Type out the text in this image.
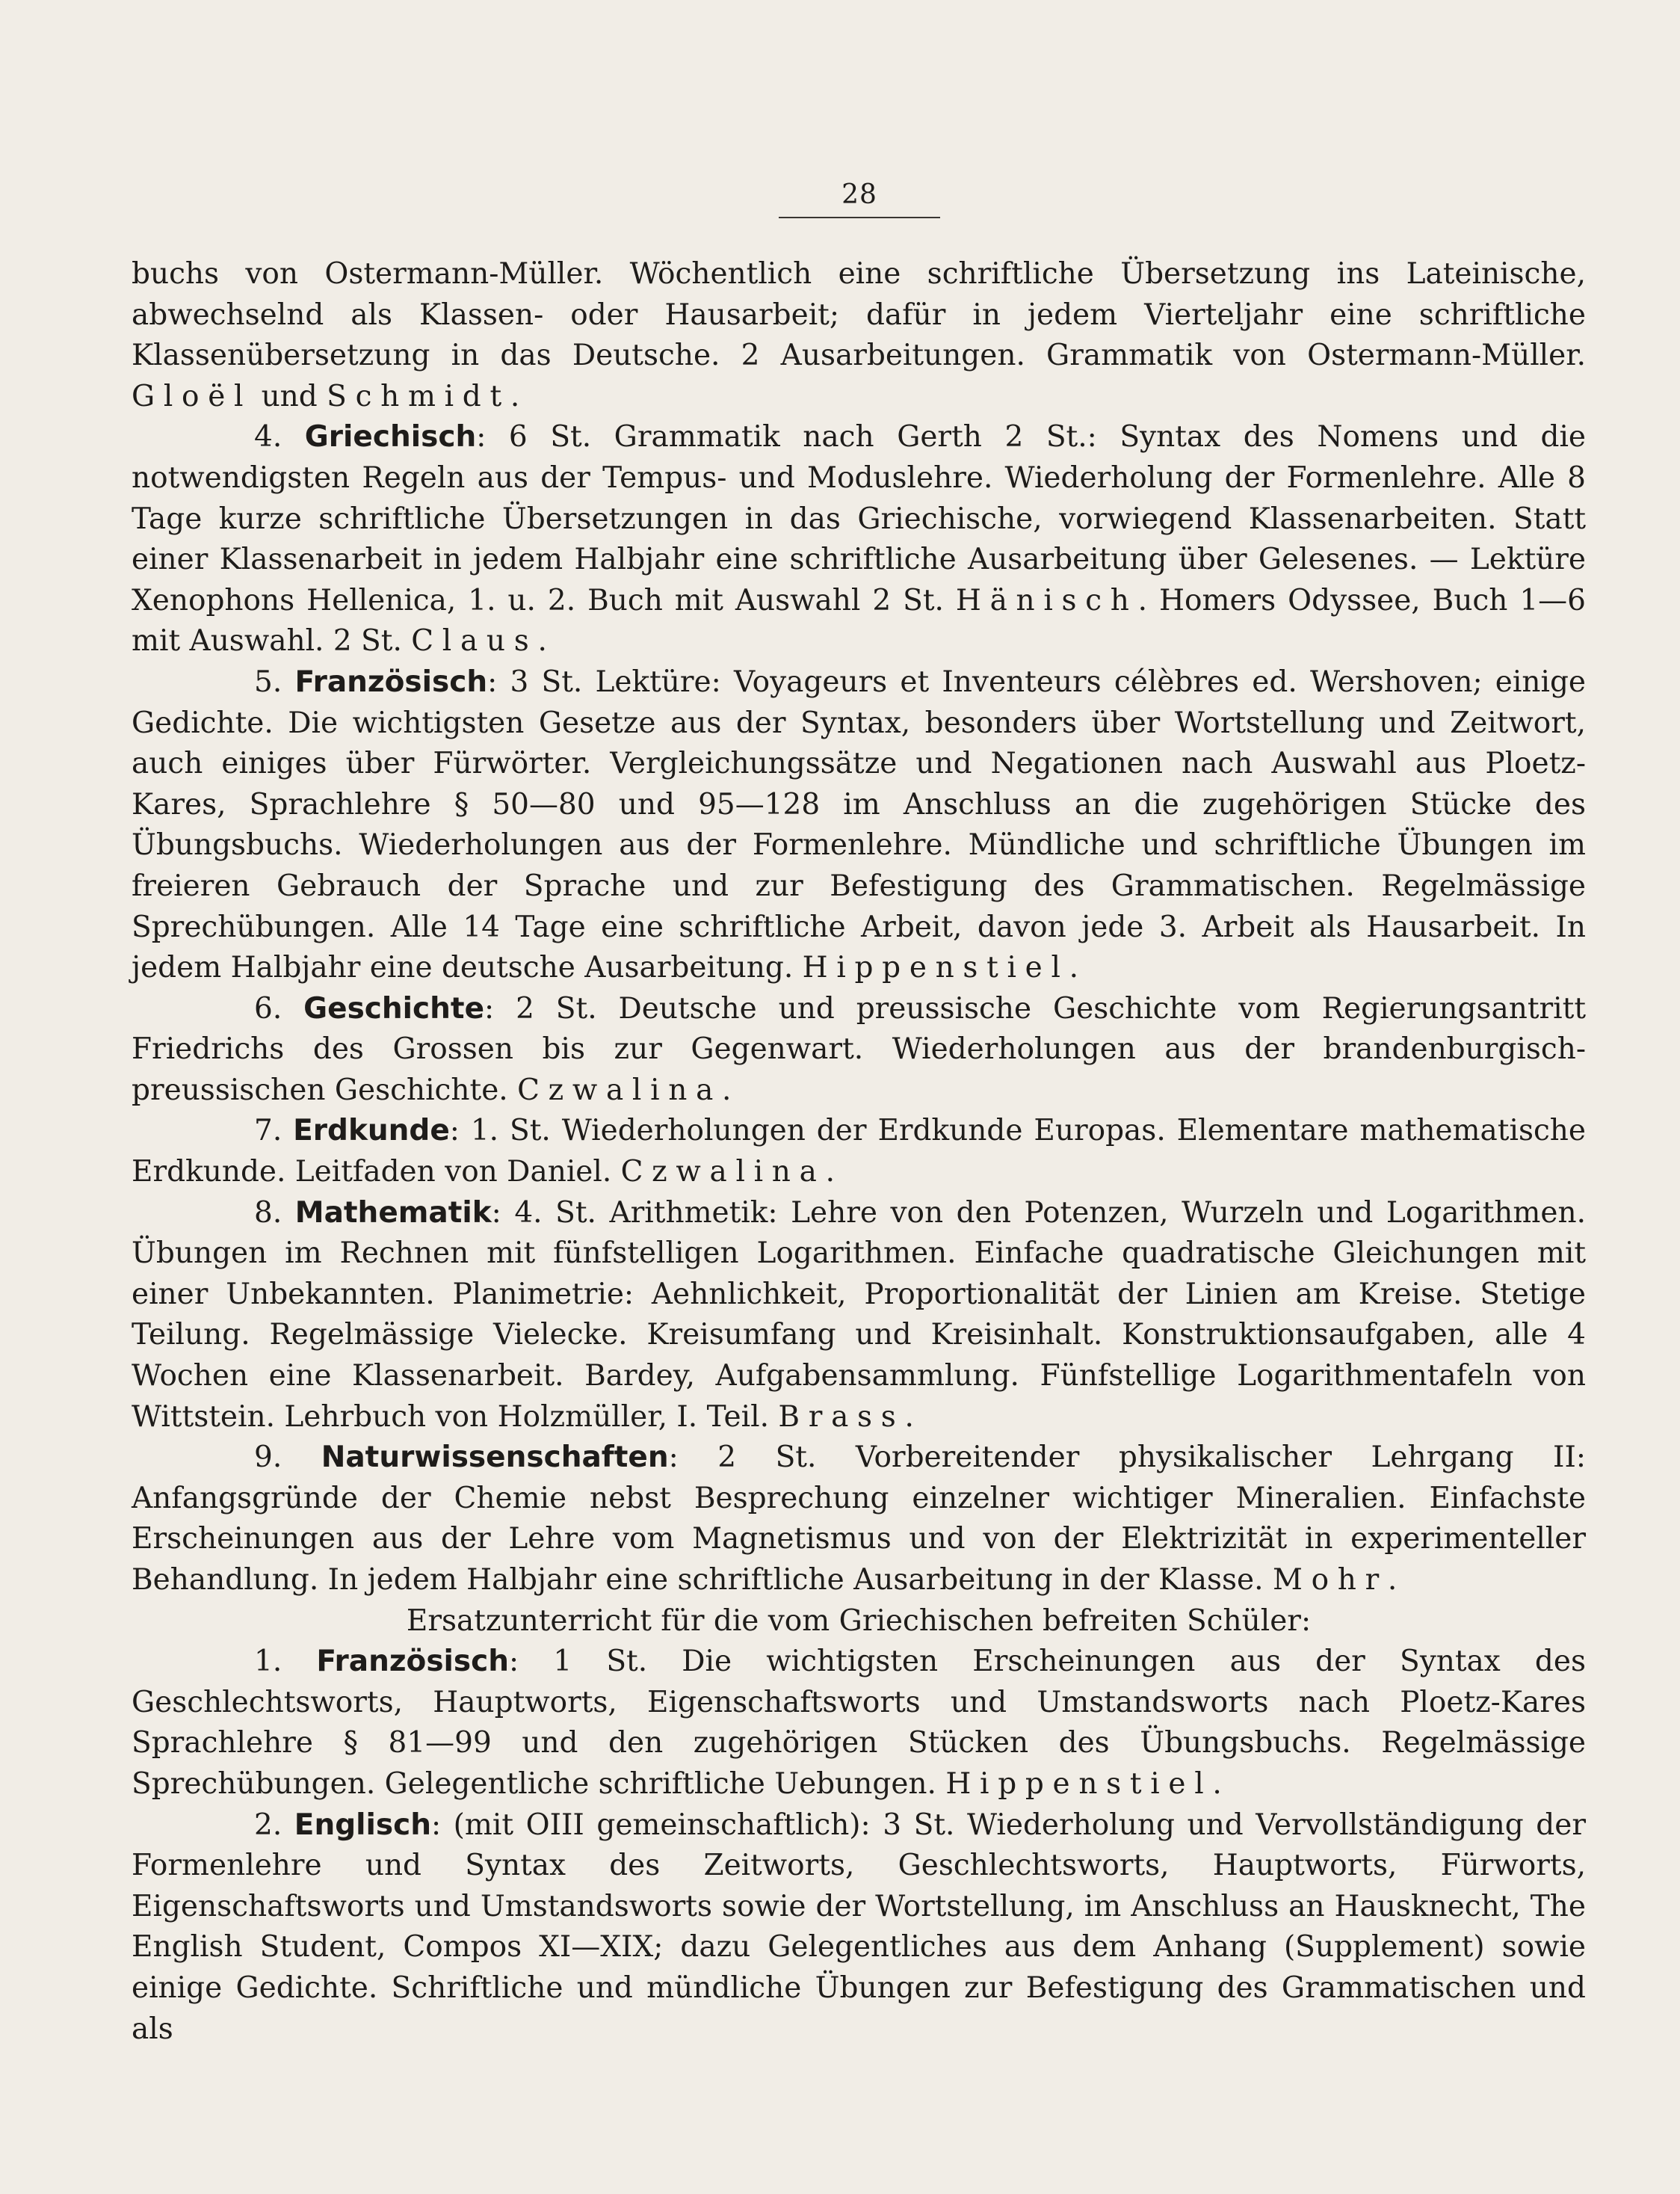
28

buchs von Ostermann-Müller. Wöchentlich eine schriftliche Übersetzung ins Lateinische, abwechselnd als Klassen- oder Hausarbeit; dafür in jedem Vierteljahr eine schriftliche Klassenübersetzung in das Deutsche. 2 Ausarbeitungen. Grammatik von Ostermann-Müller. Gloël und Schmidt.

4. Griechisch: 6 St. Grammatik nach Gerth 2 St.: Syntax des Nomens und die notwendigsten Regeln aus der Tempus- und Moduslehre. Wiederholung der Formenlehre. Alle 8 Tage kurze schriftliche Übersetzungen in das Griechische, vorwiegend Klassenarbeiten. Statt einer Klassenarbeit in jedem Halbjahr eine schriftliche Ausarbeitung über Gelesenes. — Lektüre Xenophons Hellenica, 1. u. 2. Buch mit Auswahl 2 St. Hänisch. Homers Odyssee, Buch 1—6 mit Auswahl. 2 St. Claus.

5. Französisch: 3 St. Lektüre: Voyageurs et Inventeurs célèbres ed. Wershoven; einige Gedichte. Die wichtigsten Gesetze aus der Syntax, besonders über Wortstellung und Zeitwort, auch einiges über Fürwörter. Vergleichungssätze und Negationen nach Auswahl aus Ploetz-Kares, Sprachlehre § 50—80 und 95—128 im Anschluss an die zugehörigen Stücke des Übungsbuchs. Wiederholungen aus der Formenlehre. Mündliche und schriftliche Übungen im freieren Gebrauch der Sprache und zur Befestigung des Grammatischen. Regelmässige Sprechübungen. Alle 14 Tage eine schriftliche Arbeit, davon jede 3. Arbeit als Hausarbeit. In jedem Halbjahr eine deutsche Ausarbeitung. Hippenstiel.

6. Geschichte: 2 St. Deutsche und preussische Geschichte vom Regierungsantritt Friedrichs des Grossen bis zur Gegenwart. Wiederholungen aus der brandenburgisch-preussischen Geschichte. Czwalina.

7. Erdkunde: 1. St. Wiederholungen der Erdkunde Europas. Elementare mathematische Erdkunde. Leitfaden von Daniel. Czwalina.

8. Mathematik: 4. St. Arithmetik: Lehre von den Potenzen, Wurzeln und Logarithmen. Übungen im Rechnen mit fünfstelligen Logarithmen. Einfache quadratische Gleichungen mit einer Unbekannten. Planimetrie: Aehnlichkeit, Proportionalität der Linien am Kreise. Stetige Teilung. Regelmässige Vielecke. Kreisumfang und Kreisinhalt. Konstruktionsaufgaben, alle 4 Wochen eine Klassenarbeit. Bardey, Aufgabensammlung. Fünfstellige Logarithmentafeln von Wittstein. Lehrbuch von Holzmüller, I. Teil. Brass.

9. Naturwissenschaften: 2 St. Vorbereitender physikalischer Lehrgang II: Anfangsgründe der Chemie nebst Besprechung einzelner wichtiger Mineralien. Einfachste Erscheinungen aus der Lehre vom Magnetismus und von der Elektrizität in experimenteller Behandlung. In jedem Halbjahr eine schriftliche Ausarbeitung in der Klasse. Mohr.

Ersatzunterricht für die vom Griechischen befreiten Schüler:

1. Französisch: 1 St. Die wichtigsten Erscheinungen aus der Syntax des Geschlechtsworts, Hauptworts, Eigenschaftsworts und Umstandsworts nach Ploetz-Kares Sprachlehre § 81—99 und den zugehörigen Stücken des Übungsbuchs. Regelmässige Sprechübungen. Gelegentliche schriftliche Uebungen. Hippenstiel.

2. Englisch: (mit OIII gemeinschaftlich): 3 St. Wiederholung und Vervollständigung der Formenlehre und Syntax des Zeitworts, Geschlechtsworts, Hauptworts, Fürworts, Eigenschaftsworts und Umstandsworts sowie der Wortstellung, im Anschluss an Hausknecht, The English Student, Compos XI—XIX; dazu Gelegentliches aus dem Anhang (Supplement) sowie einige Gedichte. Schriftliche und mündliche Übungen zur Befestigung des Grammatischen und als
